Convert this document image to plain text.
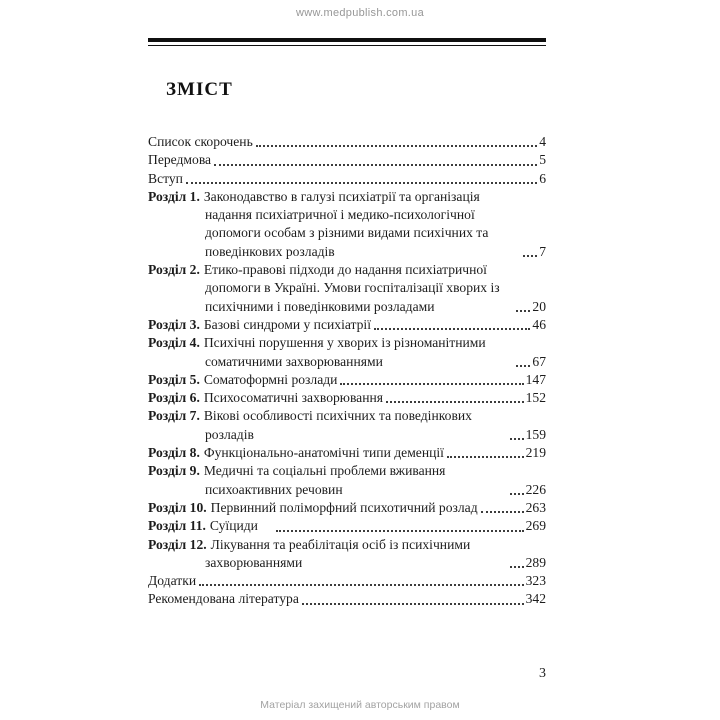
www.medpublish.com.ua
ЗМІСТ
Список скорочень	4
Передмова	5
Вступ	6
Розділ 1. Законодавство в галузі психіатрії та організація надання психіатричної і медико-психологічної допомоги особам з різними видами психічних та поведінкових розладів	7
Розділ 2. Етико-правові підходи до надання психіатричної допомоги в Україні. Умови госпіталізації хворих із психічними і поведінковими розладами	20
Розділ 3. Базові синдроми у психіатрії	46
Розділ 4. Психічні порушення у хворих із різноманітними соматичними захворюваннями	67
Розділ 5. Соматоформні розлади	147
Розділ 6. Психосоматичні захворювання	152
Розділ 7. Вікові особливості психічних та поведінкових розладів	159
Розділ 8. Функціонально-анатомічні типи деменції	219
Розділ 9. Медичні та соціальні проблеми вживання психоактивних речовин	226
Розділ 10. Первинний поліморфний психотичний розлад	263
Розділ 11. Суїциди	269
Розділ 12. Лікування та реабілітація осіб із психічними захворюваннями	289
Додатки	323
Рекомендована література	342
3
Матеріал захищений авторським правом
